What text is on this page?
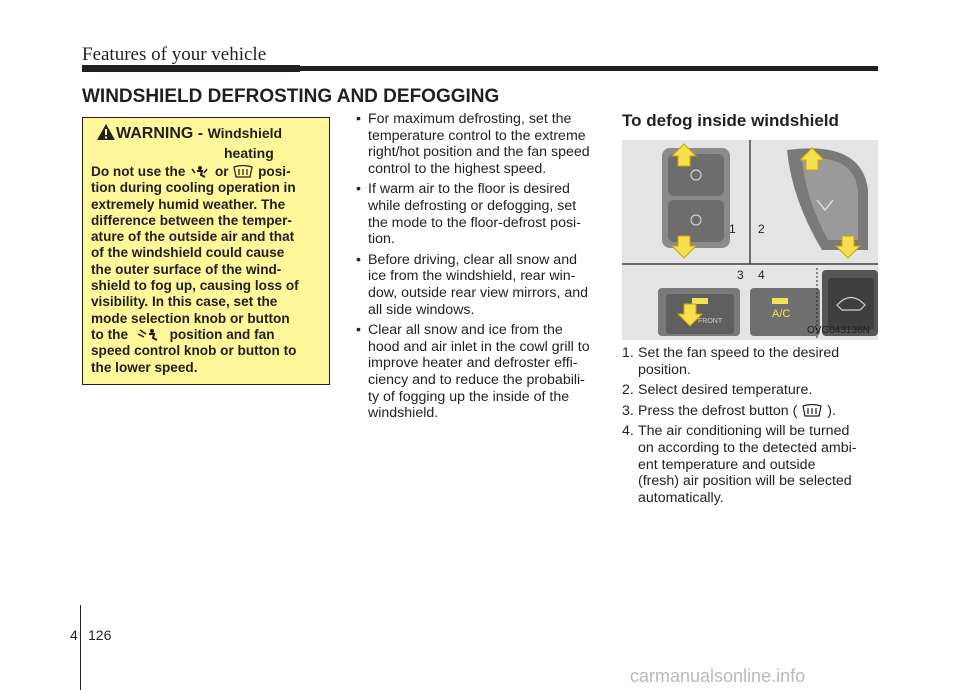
Features of your vehicle
WINDSHIELD DEFROSTING AND DEFOGGING
WARNING - Windshield
heating
Do not use the  or  posi-
tion during cooling operation in
extremely humid weather. The
difference between the temper-
ature of the outside air and that
of the windshield could cause
the outer surface of the wind-
shield to fog up, causing loss of
visibility. In this case, set the
mode selection knob or button
to the	position and fan
speed control knob or button to
the lower speed.
• For maximum defrosting, set the
temperature control to the extreme
right/hot position and the fan speed
control to the highest speed.
• If warm air to the floor is desired
while defrosting or defogging, set
the mode to the floor-defrost posi-
tion.
• Before driving, clear all snow and
ice from the windshield, rear win-
dow, outside rear view mirrors, and
all side windows.
• Clear all snow and ice from the
hood and air inlet in the cowl grill to
improve heater and defroster effi-
ciency and to reduce the probabili-
ty of fogging up the inside of the
windshield.
To defog inside windshield
1 2
3 4
A/C
FRONT
OVG043136N
1. Set the fan speed to the desired
position.
2. Select desired temperature.
3. Press the defrost button ( ).
4. The air conditioning will be turned
on according to the detected ambi-
ent temperature and outside
(fresh) air position will be selected
automatically.
4 126
carmanualsonline.info
